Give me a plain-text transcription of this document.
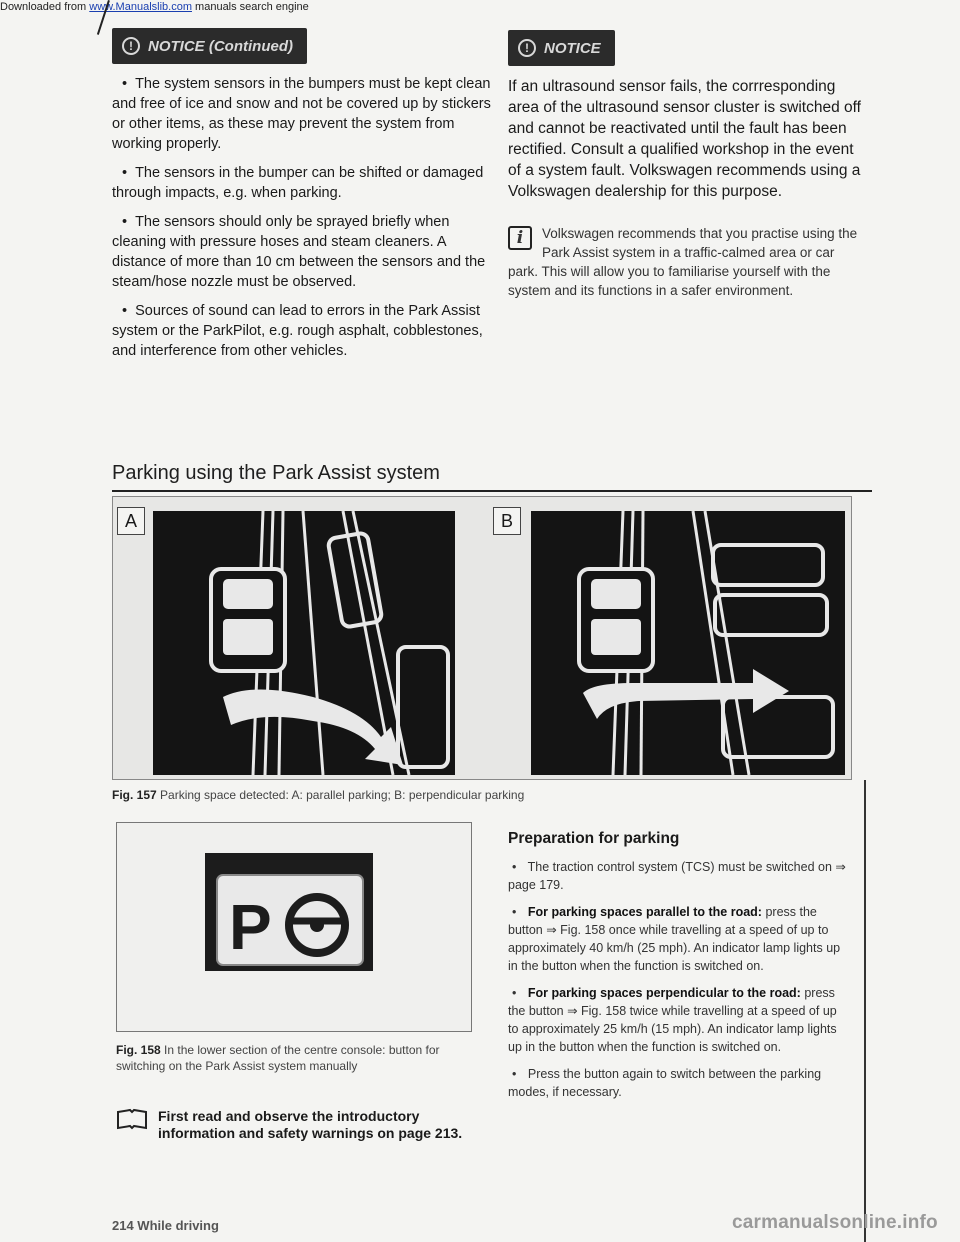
Downloaded from www.Manualslib.com manuals search engine
!	NOTICE (Continued)

• The system sensors in the bumpers must be kept clean and free of ice and snow and not be covered up by stickers or other items, as these may prevent the system from working properly.

• The sensors in the bumper can be shifted or damaged through impacts, e.g. when parking.

• The sensors should only be sprayed briefly when cleaning with pressure hoses and steam cleaners. A distance of more than 10 cm between the sensors and the steam/hose nozzle must be observed.

• Sources of sound can lead to errors in the Park Assist system or the ParkPilot, e.g. rough asphalt, cobblestones, and interference from other vehicles.

!	NOTICE

If an ultrasound sensor fails, the corrresponding area of the ultrasound sensor cluster is switched off and cannot be reactivated until the fault has been rectified. Consult a qualified workshop in the event of a system fault. Volkswagen recommends using a Volkswagen dealership for this purpose.

i	Volkswagen recommends that you practise using the Park Assist system in a traffic-calmed area or car park. This will allow you to familiarise yourself with the system and its functions in a safer environment.
Parking using the Park Assist system
A	B
Fig. 157 Parking space detected: A: parallel parking; B: perpendicular parking
P
Fig. 158 In the lower section of the centre console: button for switching on the Park Assist system manually
First read and observe the introductory information and safety warnings on page 213.
Preparation for parking

• The traction control system (TCS) must be switched on ⇒ page 179.

• For parking spaces parallel to the road: press the button ⇒ Fig. 158 once while travelling at a speed of up to approximately 40 km/h (25 mph). An indicator lamp lights up in the button when the function is switched on.

• For parking spaces perpendicular to the road: press the button ⇒ Fig. 158 twice while travelling at a speed of up to approximately 25 km/h (15 mph). An indicator lamp lights up in the button when the function is switched on.

• Press the button again to switch between the parking modes, if necessary.

214 While driving	carmanualsonline.info
